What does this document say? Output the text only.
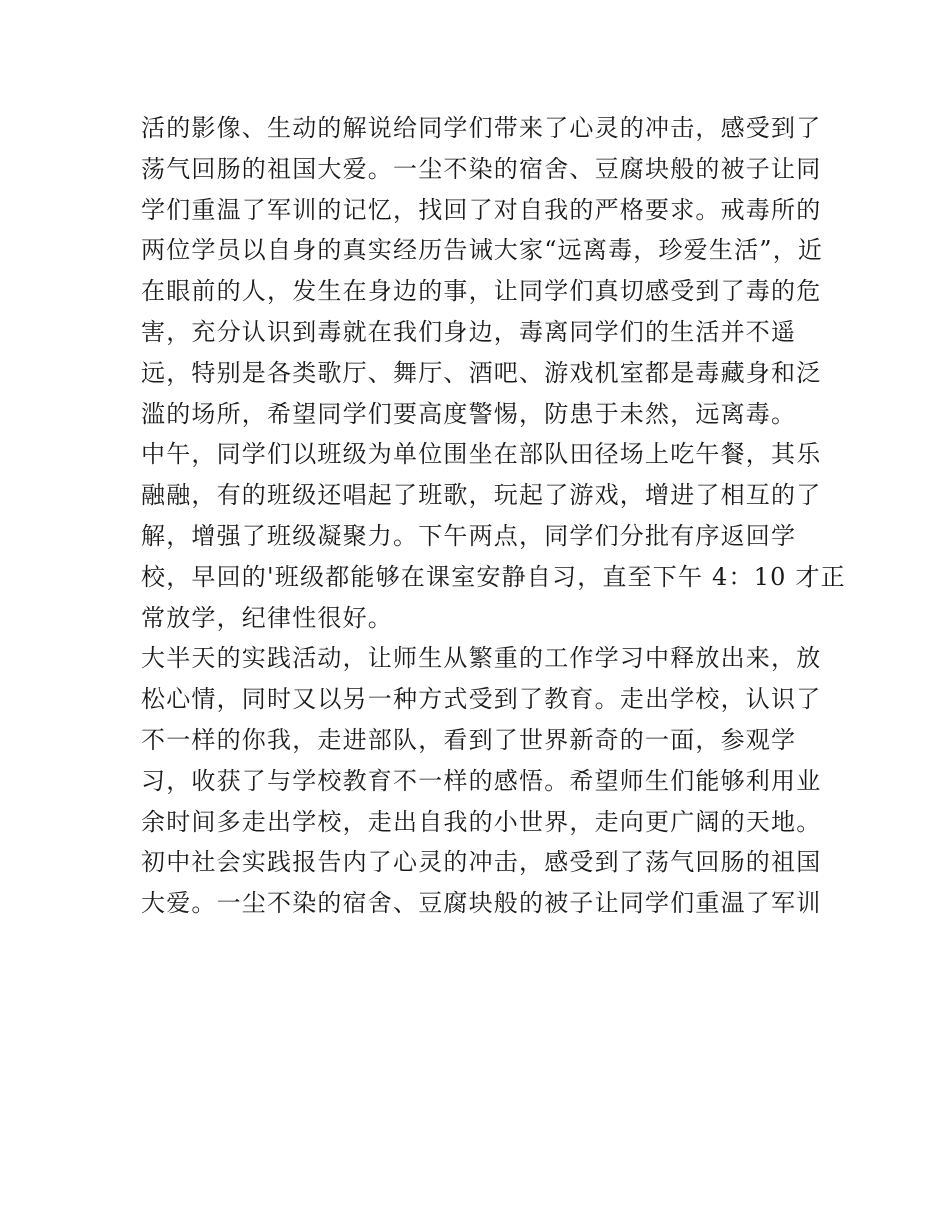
活的影像、生动的解说给同学们带来了心灵的冲击，感受到了
荡气回肠的祖国大爱。一尘不染的宿舍、豆腐块般的被子让同
学们重温了军训的记忆，找回了对自我的严格要求。戒毒所的
两位学员以自身的真实经历告诫大家“远离毒，珍爱生活”，近
在眼前的人，发生在身边的事，让同学们真切感受到了毒的危
害，充分认识到毒就在我们身边，毒离同学们的生活并不遥
远，特别是各类歌厅、舞厅、酒吧、游戏机室都是毒藏身和泛
滥的场所，希望同学们要高度警惕，防患于未然，远离毒。
中午，同学们以班级为单位围坐在部队田径场上吃午餐，其乐
融融，有的班级还唱起了班歌，玩起了游戏，增进了相互的了
解，增强了班级凝聚力。下午两点，同学们分批有序返回学
校，早回的'班级都能够在课室安静自习，直至下午 4：10 才正
常放学，纪律性很好。
大半天的实践活动，让师生从繁重的工作学习中释放出来，放
松心情，同时又以另一种方式受到了教育。走出学校，认识了
不一样的你我，走进部队，看到了世界新奇的一面，参观学
习，收获了与学校教育不一样的感悟。希望师生们能够利用业
余时间多走出学校，走出自我的小世界，走向更广阔的天地。
初中社会实践报告内了心灵的冲击，感受到了荡气回肠的祖国
大爱。一尘不染的宿舍、豆腐块般的被子让同学们重温了军训
